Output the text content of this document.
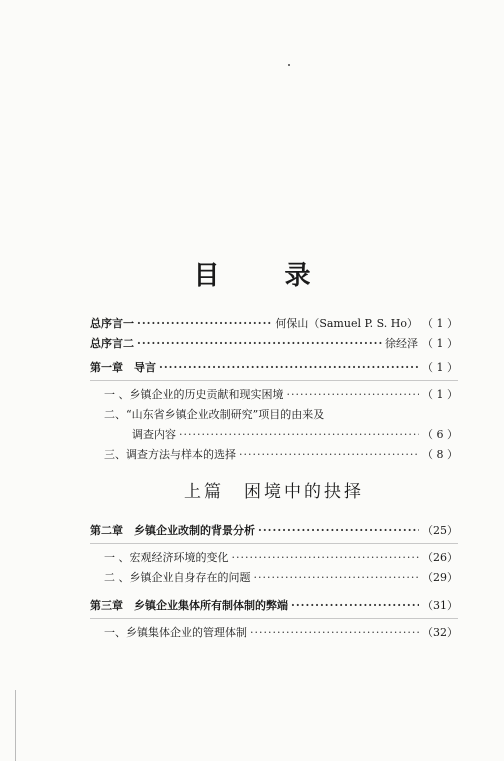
目 录
总序言一 ·····	何保山（Samuel P. S. Ho） （ 1 ）
总序言二 ·····	徐经泽 （ 1 ）
第一章　导言 ·····	（ 1 ）
一 、乡镇企业的历史贡献和现实困境 ·····	（ 1 ）
二、“山东省乡镇企业改制研究”项目的由来及
调查内容 ·····	（ 6 ）
三、调查方法与样本的选择 ·····	（ 8 ）
上篇　困境中的抉择
第二章　乡镇企业改制的背景分析 ·····	（25）
一 、宏观经济环境的变化 ·····	（26）
二 、乡镇企业自身存在的问题 ·····	（29）
第三章　乡镇企业集体所有制体制的弊端 ·····	（31）
一、乡镇集体企业的管理体制 ·····	（32）
